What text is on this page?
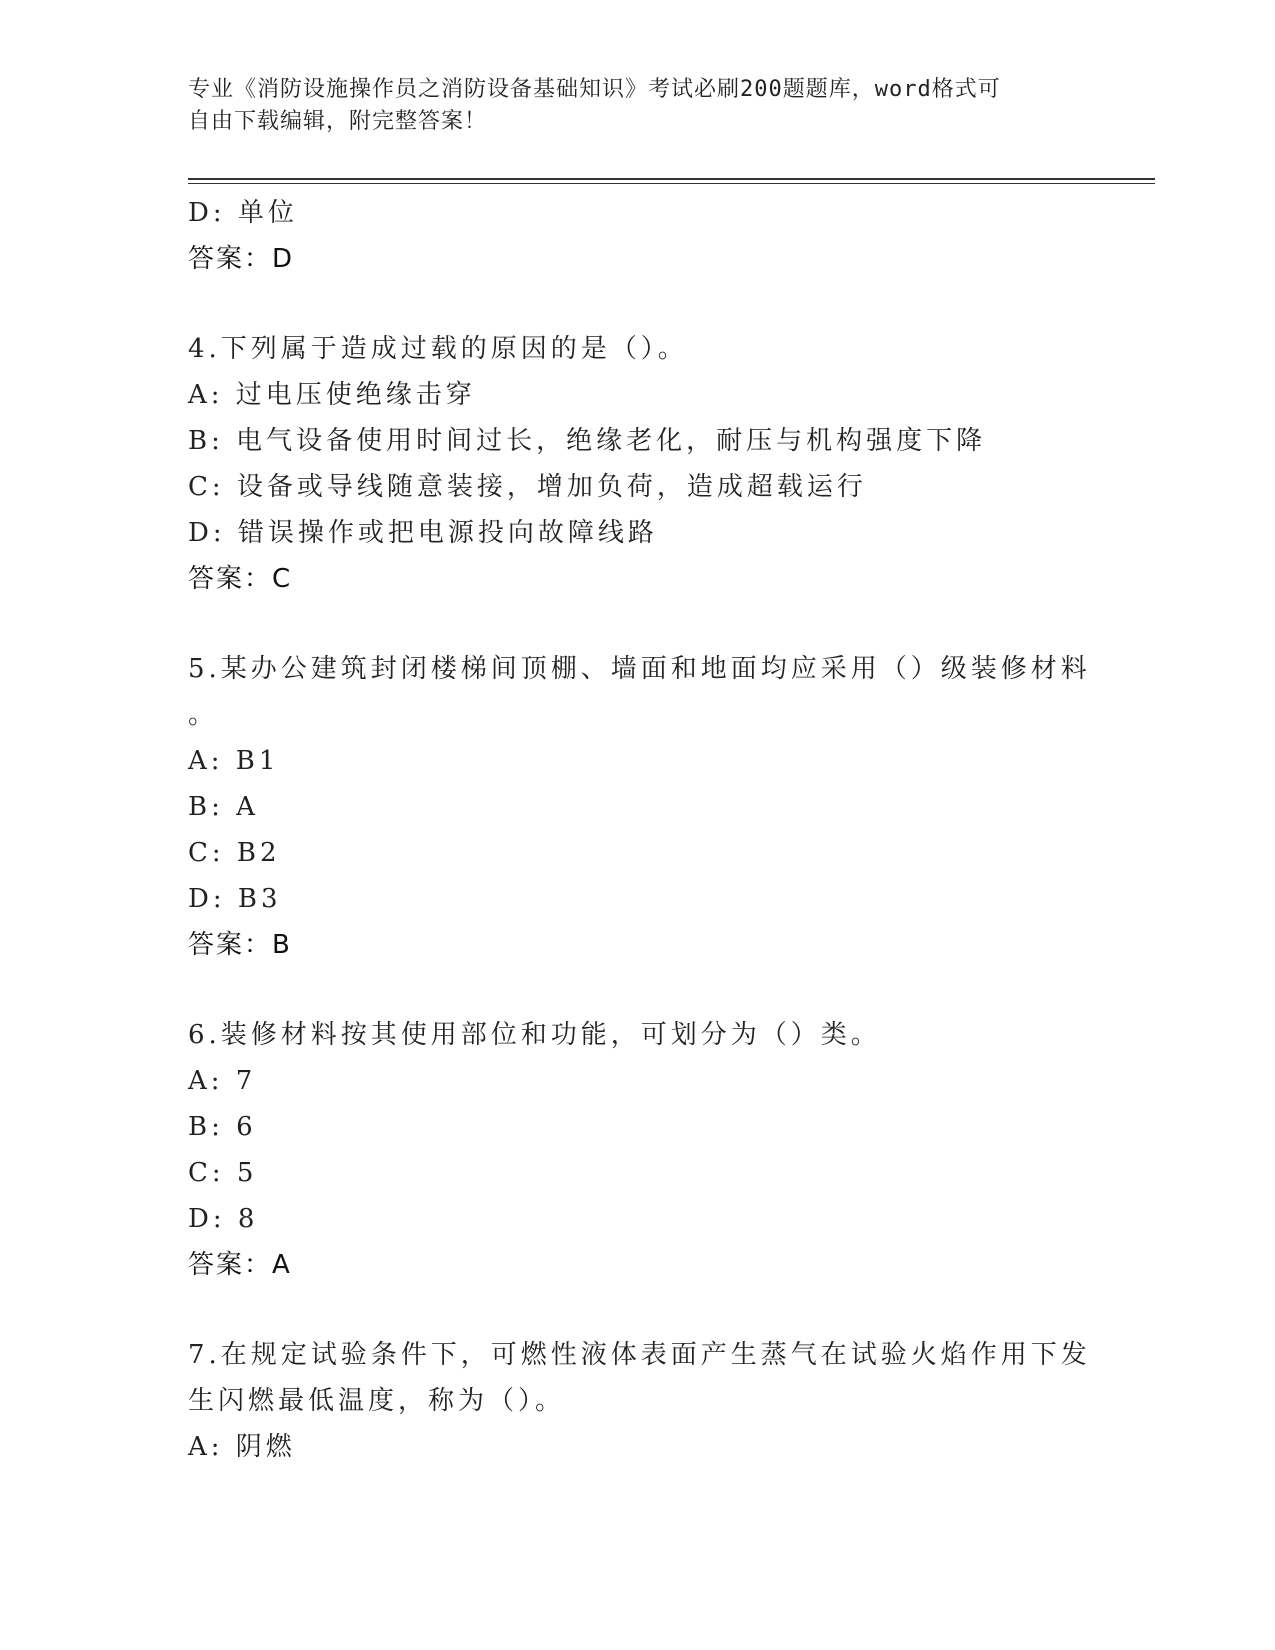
专业《消防设施操作员之消防设备基础知识》考试必刷200题题库，word格式可
自由下载编辑，附完整答案！
D: 单位
答案：D
4.下列属于造成过载的原因的是（）。
A: 过电压使绝缘击穿
B: 电气设备使用时间过长，绝缘老化，耐压与机构强度下降
C: 设备或导线随意装接，增加负荷，造成超载运行
D: 错误操作或把电源投向故障线路
答案：C
5.某办公建筑封闭楼梯间顶棚、墙面和地面均应采用（）级装修材料
。
A: B1
B: A
C: B2
D: B3
答案：B
6.装修材料按其使用部位和功能，可划分为（）类。
A: 7
B: 6
C: 5
D: 8
答案：A
7.在规定试验条件下，可燃性液体表面产生蒸气在试验火焰作用下发
生闪燃最低温度，称为（）。
A: 阴燃
